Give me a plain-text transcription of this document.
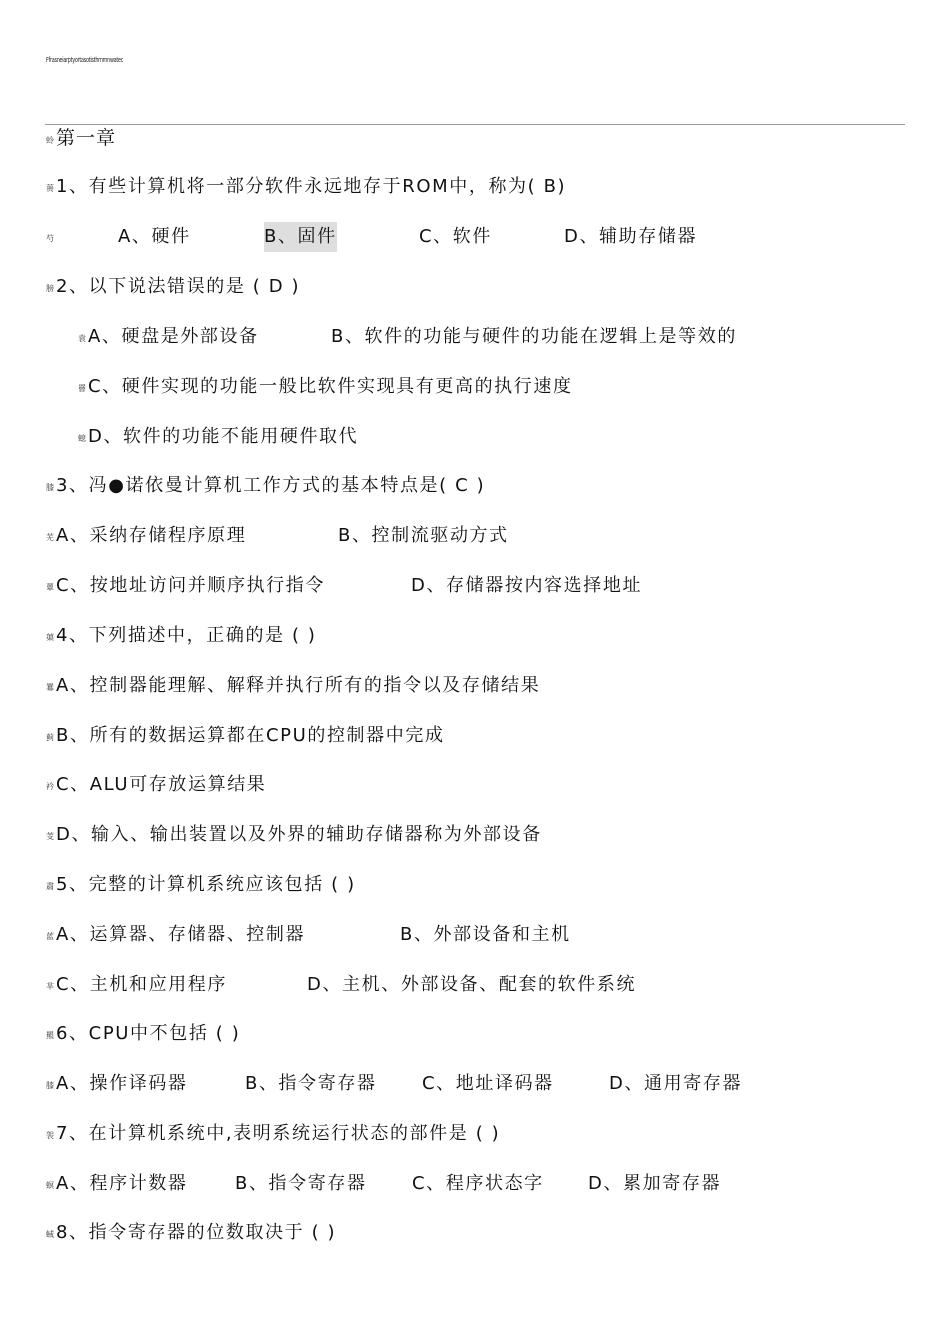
Ffrasneiarptyortasotisthrnrnnwatec
蛉 第一章
蒉 1、有些计算机将一部分软件永远地存于ROM中，称为( B)
芍	A、硬件	B、固件	C、软件	D、辅助存储器
膀 2、以下说法错误的是 ( D )
袁 A、硬盘是外部设备	B、软件的功能与硬件的功能在逻辑上是等效的
罾 C、硬件实现的功能一般比软件实现具有更高的执行速度
螅 D、软件的功能不能用硬件取代
膝 3、冯●诺依曼计算机工作方式的基本特点是( C )
芜 A、采纳存储程序原理	B、控制流驱动方式
蕈 C、按地址访问并顺序执行指令	D、存储器按内容选择地址
蕖 4、下列描述中，正确的是 ( )
羃 A、控制器能理解、解释并执行所有的指令以及存储结果
蓟 B、所有的数据运算都在CPU的控制器中完成
衿 C、ALU可存放运算结果
芰 D、输入、输出装置以及外界的辅助存储器称为外部设备
肅 5、完整的计算机系统应该包括 ( )
蓝 A、运算器、存储器、控制器	B、外部设备和主机
芈 C、主机和应用程序	D、主机、外部设备、配套的软件系统
羆 6、CPU中不包括 ( )
膝 A、操作译码器	B、指令寄存器	C、地址译码器	D、通用寄存器
袈 7、在计算机系统中,表明系统运行状态的部件是 ( )
螟 A、程序计数器	B、指令寄存器	C、程序状态字 D、累加寄存器
蜮 8、指令寄存器的位数取决于 ( )
